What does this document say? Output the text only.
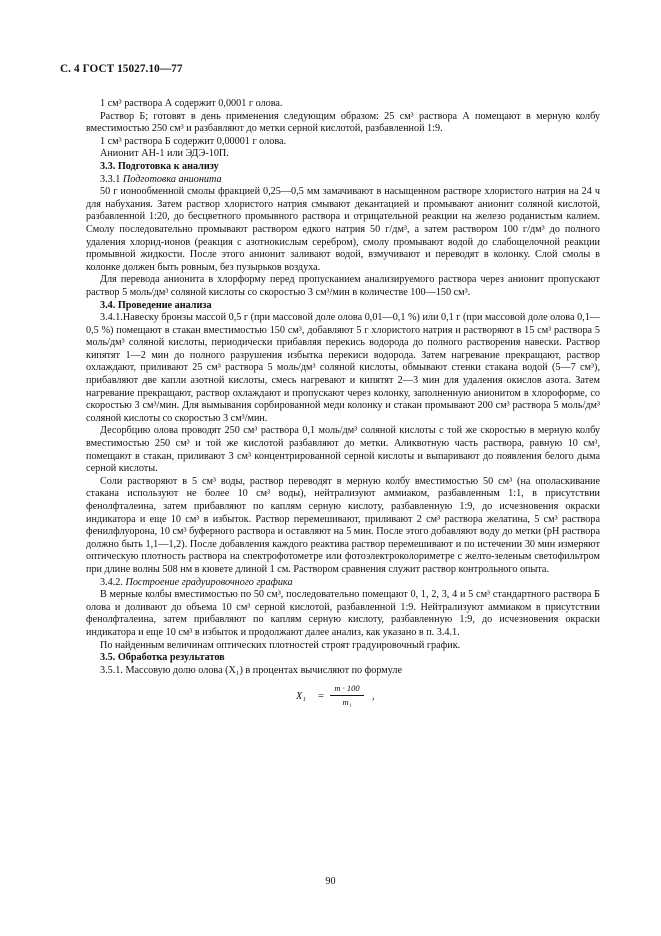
С. 4 ГОСТ 15027.10—77

1 см³ раствора А содержит 0,0001 г олова.

Раствор Б; готовят в день применения следующим образом: 25 см³ раствора А помещают в мерную колбу вместимостью 250 см³ и разбавляют до метки серной кислотой, разбавленной 1:9.

1 см³ раствора Б содержит 0,00001 г олова.

Анионит АН-1 или ЭДЭ-10П.

3.3. Подготовка к анализу

3.3.1 Подготовка анионита

50 г ионообменной смолы фракцией 0,25—0,5 мм замачивают в насыщенном растворе хлористого натрия на 24 ч для набухания. Затем раствор хлористого натрия смывают декантацией и промывают анионит соляной кислотой, разбавленной 1:20, до бесцветного промывного раствора и отрицательной реакции на железо роданистым калием. Смолу последовательно промывают раствором едкого натрия 50 г/дм³, а затем раствором 100 г/дм³ до полного удаления хлорид-ионов (реакция с азотнокислым серебром), смолу промывают водой до слабощелочной реакции промывной жидкости. После этого анионит заливают водой, взмучивают и переводят в колонку. Слой смолы в колонке должен быть ровным, без пузырьков воздуха.

Для перевода анионита в хлорформу перед пропусканием анализируемого раствора через анионит пропускают раствор 5 моль/дм³ соляной кислоты со скоростью 3 см³/мин в количестве 100—150 см³.

3.4. Проведение анализа

3.4.1.Навеску бронзы массой 0,5 г (при массовой доле олова 0,01—0,1 %) или 0,1 г (при массовой доле олова 0,1—0,5 %) помещают в стакан вместимостью 150 см³, добавляют 5 г хлористого натрия и растворяют в 15 см³ раствора 5 моль/дм³ соляной кислоты, периодически прибавляя перекись водорода до полного растворения навески. Раствор кипятят 1—2 мин до полного разрушения избытка перекиси водорода. Затем нагревание прекращают, раствор охлаждают, приливают 25 см³ раствора 5 моль/дм³ соляной кислоты, обмывают стенки стакана водой (5—7 см³), прибавляют две капли азотной кислоты, смесь нагревают и кипятят 2—3 мин для удаления окислов азота. Затем нагревание прекращают, раствор охлаждают и пропускают через колонку, заполненную анионитом в хлороформе, со скоростью 3 см³/мин. Для вымывания сорбированной меди колонку и стакан промывают 200 см³ раствора 5 моль/дм³ соляной кислоты со скоростью 3 см³/мин.

Десорбцию олова проводят 250 см³ раствора 0,1 моль/дм³ соляной кислоты с той же скоростью в мерную колбу вместимостью 250 см³ и той же кислотой разбавляют до метки. Аликвотную часть раствора, равную 10 см³, помещают в стакан, приливают 3 см³ концентрированной серной кислоты и выпаривают до появления белого дыма серной кислоты.

Соли растворяют в 5 см³ воды, раствор переводят в мерную колбу вместимостью 50 см³ (на ополаскивание стакана используют не более 10 см³ воды), нейтрализуют аммиаком, разбавленным 1:1, в присутствии фенолфталеина, затем прибавляют по каплям серную кислоту, разбавленную 1:9, до исчезновения окраски индикатора и еще 10 см³ в избыток. Раствор перемешивают, приливают 2 см³ раствора желатина, 5 см³ раствора фенилфлуорона, 10 см³ буферного раствора и оставляют на 5 мин. После этого добавляют воду до метки (рН раствора должно быть 1,1—1,2). После добавления каждого реактива раствор перемешивают и по истечении 30 мин измеряют оптическую плотность раствора на спектрофотометре или фотоэлектроколориметре с желто-зеленым светофильтром при длине волны 508 нм в кювете длиной 1 см. Раствором сравнения служит раствор контрольного опыта.

3.4.2. Построение градуировочного графика

В мерные колбы вместимостью по 50 см³, последовательно помещают 0, 1, 2, 3, 4 и 5 см³ стандартного раствора Б олова и доливают до объема 10 см³ серной кислотой, разбавленной 1:9. Нейтрализуют аммиаком в присутствии фенолфталеина, затем прибавляют по каплям серную кислоту, разбавленную 1:9, до исчезновения окраски индикатора и еще 10 см³ в избыток и продолжают далее анализ, как указано в п. 3.4.1.

По найденным величинам оптических плотностей строят градуировочный график.

3.5. Обработка результатов

3.5.1. Массовую долю олова (X₁) в процентах вычисляют по формуле

X₁ =
m · 100
m₁	,
90
